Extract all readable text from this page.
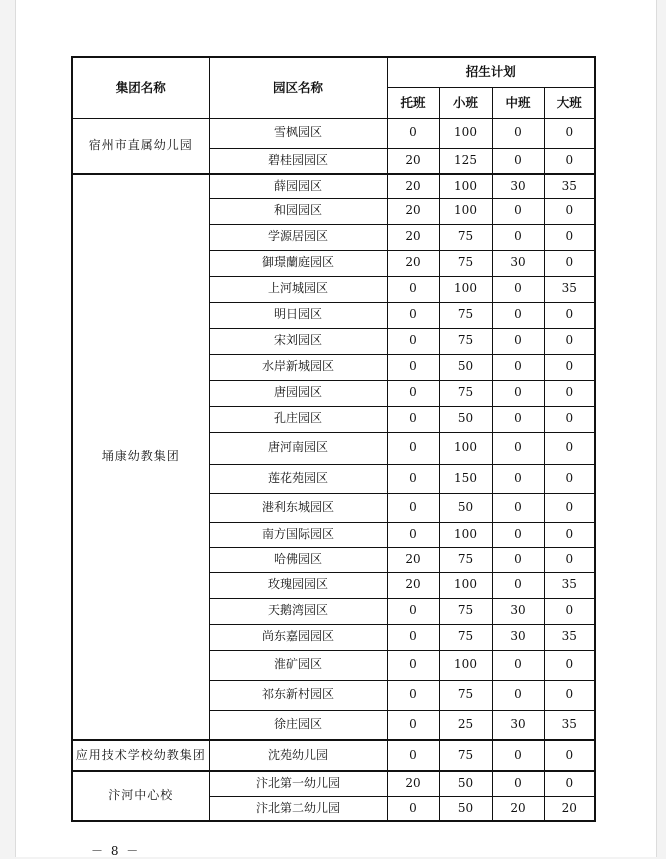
集团名称	园区名称	招生计划			
		托班	小班	中班	大班
宿州市直属幼儿园	雪枫园区	0	100	0	0
	碧桂园园区	20	125	0	0
埇康幼教集团	薛园园区	20	100	30	35
	和园园区	20	100	0	0
	学源居园区	20	75	0	0
	御璟蘭庭园区	20	75	30	0
	上河城园区	0	100	0	35
	明日园区	0	75	0	0
	宋刘园区	0	75	0	0
	水岸新城园区	0	50	0	0
	唐园园区	0	75	0	0
	孔庄园区	0	50	0	0
	唐河南园区	0	100	0	0
	莲花苑园区	0	150	0	0
	港利东城园区	0	50	0	0
	南方国际园区	0	100	0	0
	哈佛园区	20	75	0	0
	玫瑰园园区	20	100	0	35
	天鹅湾园区	0	75	30	0
	尚东嘉园园区	0	75	30	35
	淮矿园区	0	100	0	0
	祁东新村园区	0	75	0	0
	徐庄园区	0	25	30	35
应用技术学校幼教集团	沈苑幼儿园	0	75	0	0
汴河中心校	汴北第一幼儿园	20	50	0	0
	汴北第二幼儿园	0	50	20	20
－ 8 －
